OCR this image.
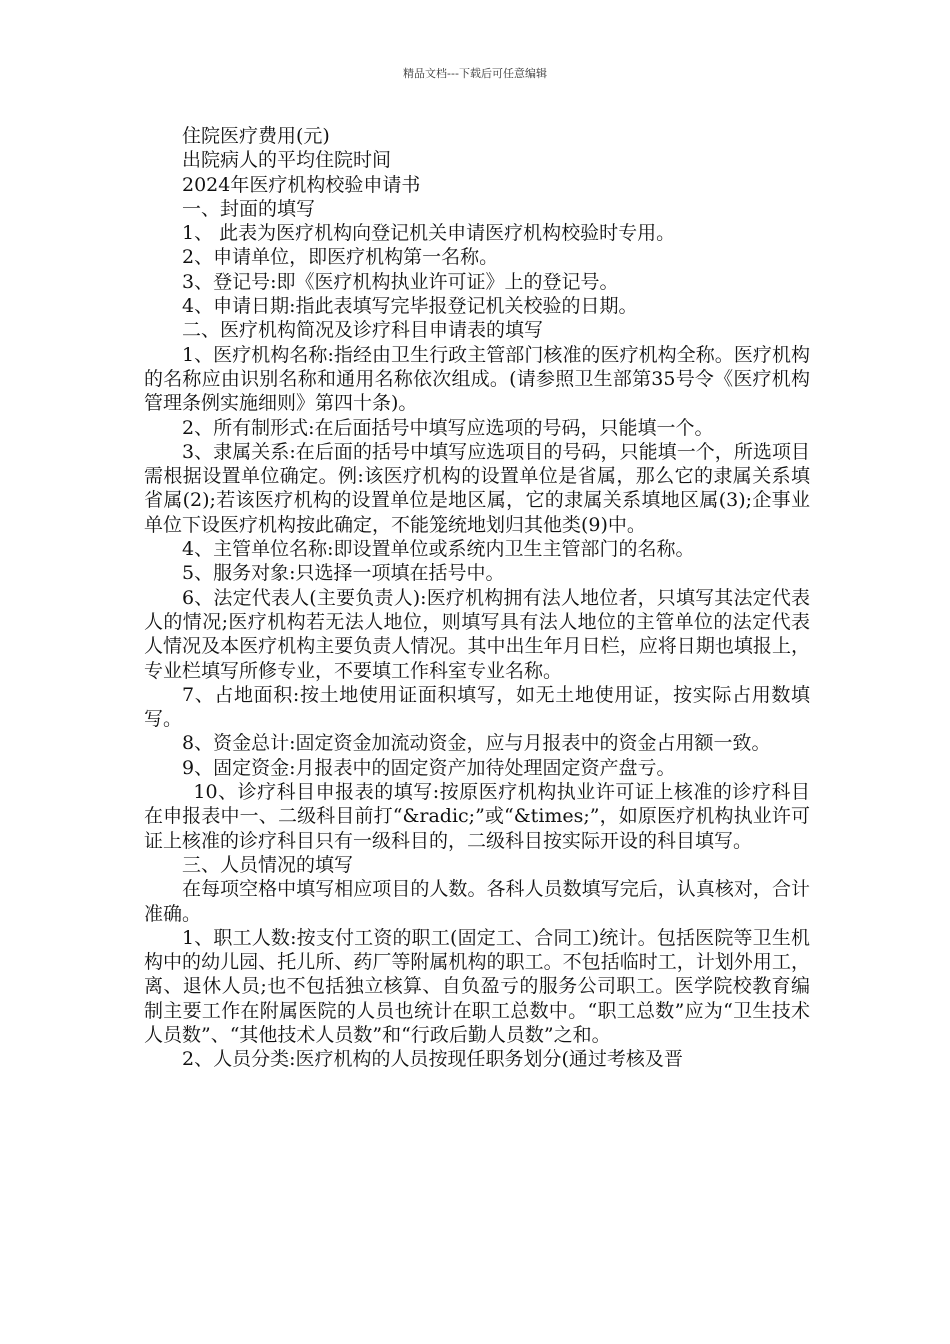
精品文档---下载后可任意编辑

住院医疗费用(元)

出院病人的平均住院时间

2024年医疗机构校验申请书

一、封面的填写

1、 此表为医疗机构向登记机关申请医疗机构校验时专用。

2、申请单位，即医疗机构第一名称。

3、登记号:即《医疗机构执业许可证》上的登记号。

4、申请日期:指此表填写完毕报登记机关校验的日期。

二、医疗机构简况及诊疗科目申请表的填写

1、医疗机构名称:指经由卫生行政主管部门核准的医疗机构全称。医疗机构的名称应由识别名称和通用名称依次组成。(请参照卫生部第35号令《医疗机构管理条例实施细则》第四十条)。

2、所有制形式:在后面括号中填写应选项的号码，只能填一个。

3、隶属关系:在后面的括号中填写应选项目的号码，只能填一个，所选项目需根据设置单位确定。例:该医疗机构的设置单位是省属，那么它的隶属关系填省属(2);若该医疗机构的设置单位是地区属，它的隶属关系填地区属(3);企事业单位下设医疗机构按此确定，不能笼统地划归其他类(9)中。

4、主管单位名称:即设置单位或系统内卫生主管部门的名称。

5、服务对象:只选择一项填在括号中。

6、法定代表人(主要负责人):医疗机构拥有法人地位者，只填写其法定代表人的情况;医疗机构若无法人地位，则填写具有法人地位的主管单位的法定代表人情况及本医疗机构主要负责人情况。其中出生年月日栏，应将日期也填报上，专业栏填写所修专业，不要填工作科室专业名称。

7、占地面积:按土地使用证面积填写，如无土地使用证，按实际占用数填写。

8、资金总计:固定资金加流动资金，应与月报表中的资金占用额一致。

9、固定资金:月报表中的固定资产加待处理固定资产盘亏。

10、诊疗科目申报表的填写:按原医疗机构执业许可证上核准的诊疗科目在申报表中一、二级科目前打“&radic;”或“&times;”，如原医疗机构执业许可证上核准的诊疗科目只有一级科目的，二级科目按实际开设的科目填写。

三、人员情况的填写

在每项空格中填写相应项目的人数。各科人员数填写完后，认真核对，合计准确。

1、职工人数:按支付工资的职工(固定工、合同工)统计。包括医院等卫生机构中的幼儿园、托儿所、药厂等附属机构的职工。不包括临时工，计划外用工，离、退休人员;也不包括独立核算、自负盈亏的服务公司职工。医学院校教育编制主要工作在附属医院的人员也统计在职工总数中。“职工总数”应为“卫生技术人员数”、“其他技术人员数”和“行政后勤人员数”之和。

2、人员分类:医疗机构的人员按现任职务划分(通过考核及晋
